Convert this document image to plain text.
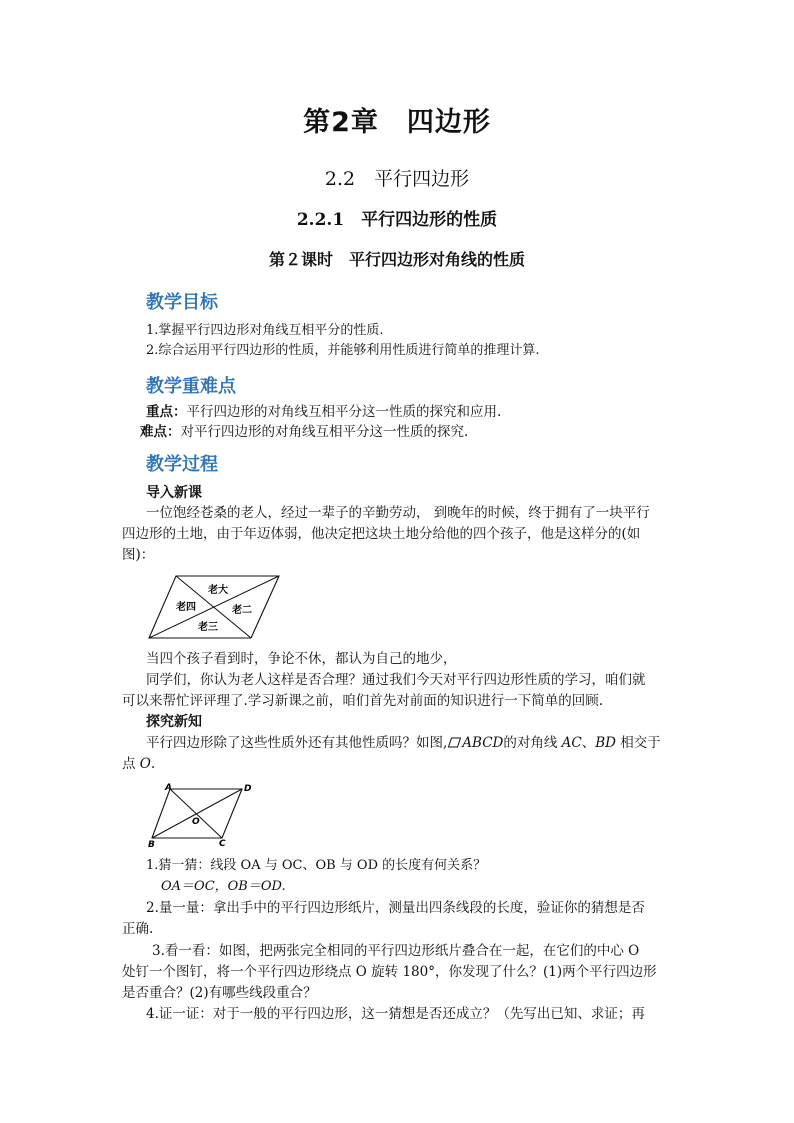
第2章　四边形
2.2　平行四边形
2.2.1　平行四边形的性质
第２课时　平行四边形对角线的性质
教学目标
1.掌握平行四边形对角线互相平分的性质.
2.综合运用平行四边形的性质，并能够利用性质进行简单的推理计算.
教学重难点
重点：平行四边形的对角线互相平分这一性质的探究和应用.
难点：对平行四边形的对角线互相平分这一性质的探究.
教学过程
导入新课
一位饱经苍桑的老人，经过一辈子的辛勤劳动， 到晚年的时候，终于拥有了一块平行
四边形的土地，由于年迈体弱，他决定把这块土地分给他的四个孩子，他是这样分的(如
图)：
老大
老二
老三
老四
当四个孩子看到时，争论不休，都认为自己的地少，
同学们，你认为老人这样是否合理？通过我们今天对平行四边形性质的学习，咱们就
可以来帮忙评评理了.学习新课之前，咱们首先对前面的知识进行一下简单的回顾.
探究新知
平行四边形除了这些性质外还有其他性质吗？如图, ABCD的对角线 AC、BD 相交于
点 O.
A	D
B	C
O
1.猜一猜：线段 OA 与 OC、OB 与 OD 的长度有何关系？
OA＝OC，OB＝OD.
2.量一量：拿出手中的平行四边形纸片，测量出四条线段的长度，验证你的猜想是否
正确.
3.看一看：如图，把两张完全相同的平行四边形纸片叠合在一起，在它们的中心 O
处钉一个图钉，将一个平行四边形绕点 O 旋转 180°，你发现了什么？(1)两个平行四边形
是否重合？(2)有哪些线段重合？
4.证一证：对于一般的平行四边形，这一猜想是否还成立？（先写出已知、求证；再
